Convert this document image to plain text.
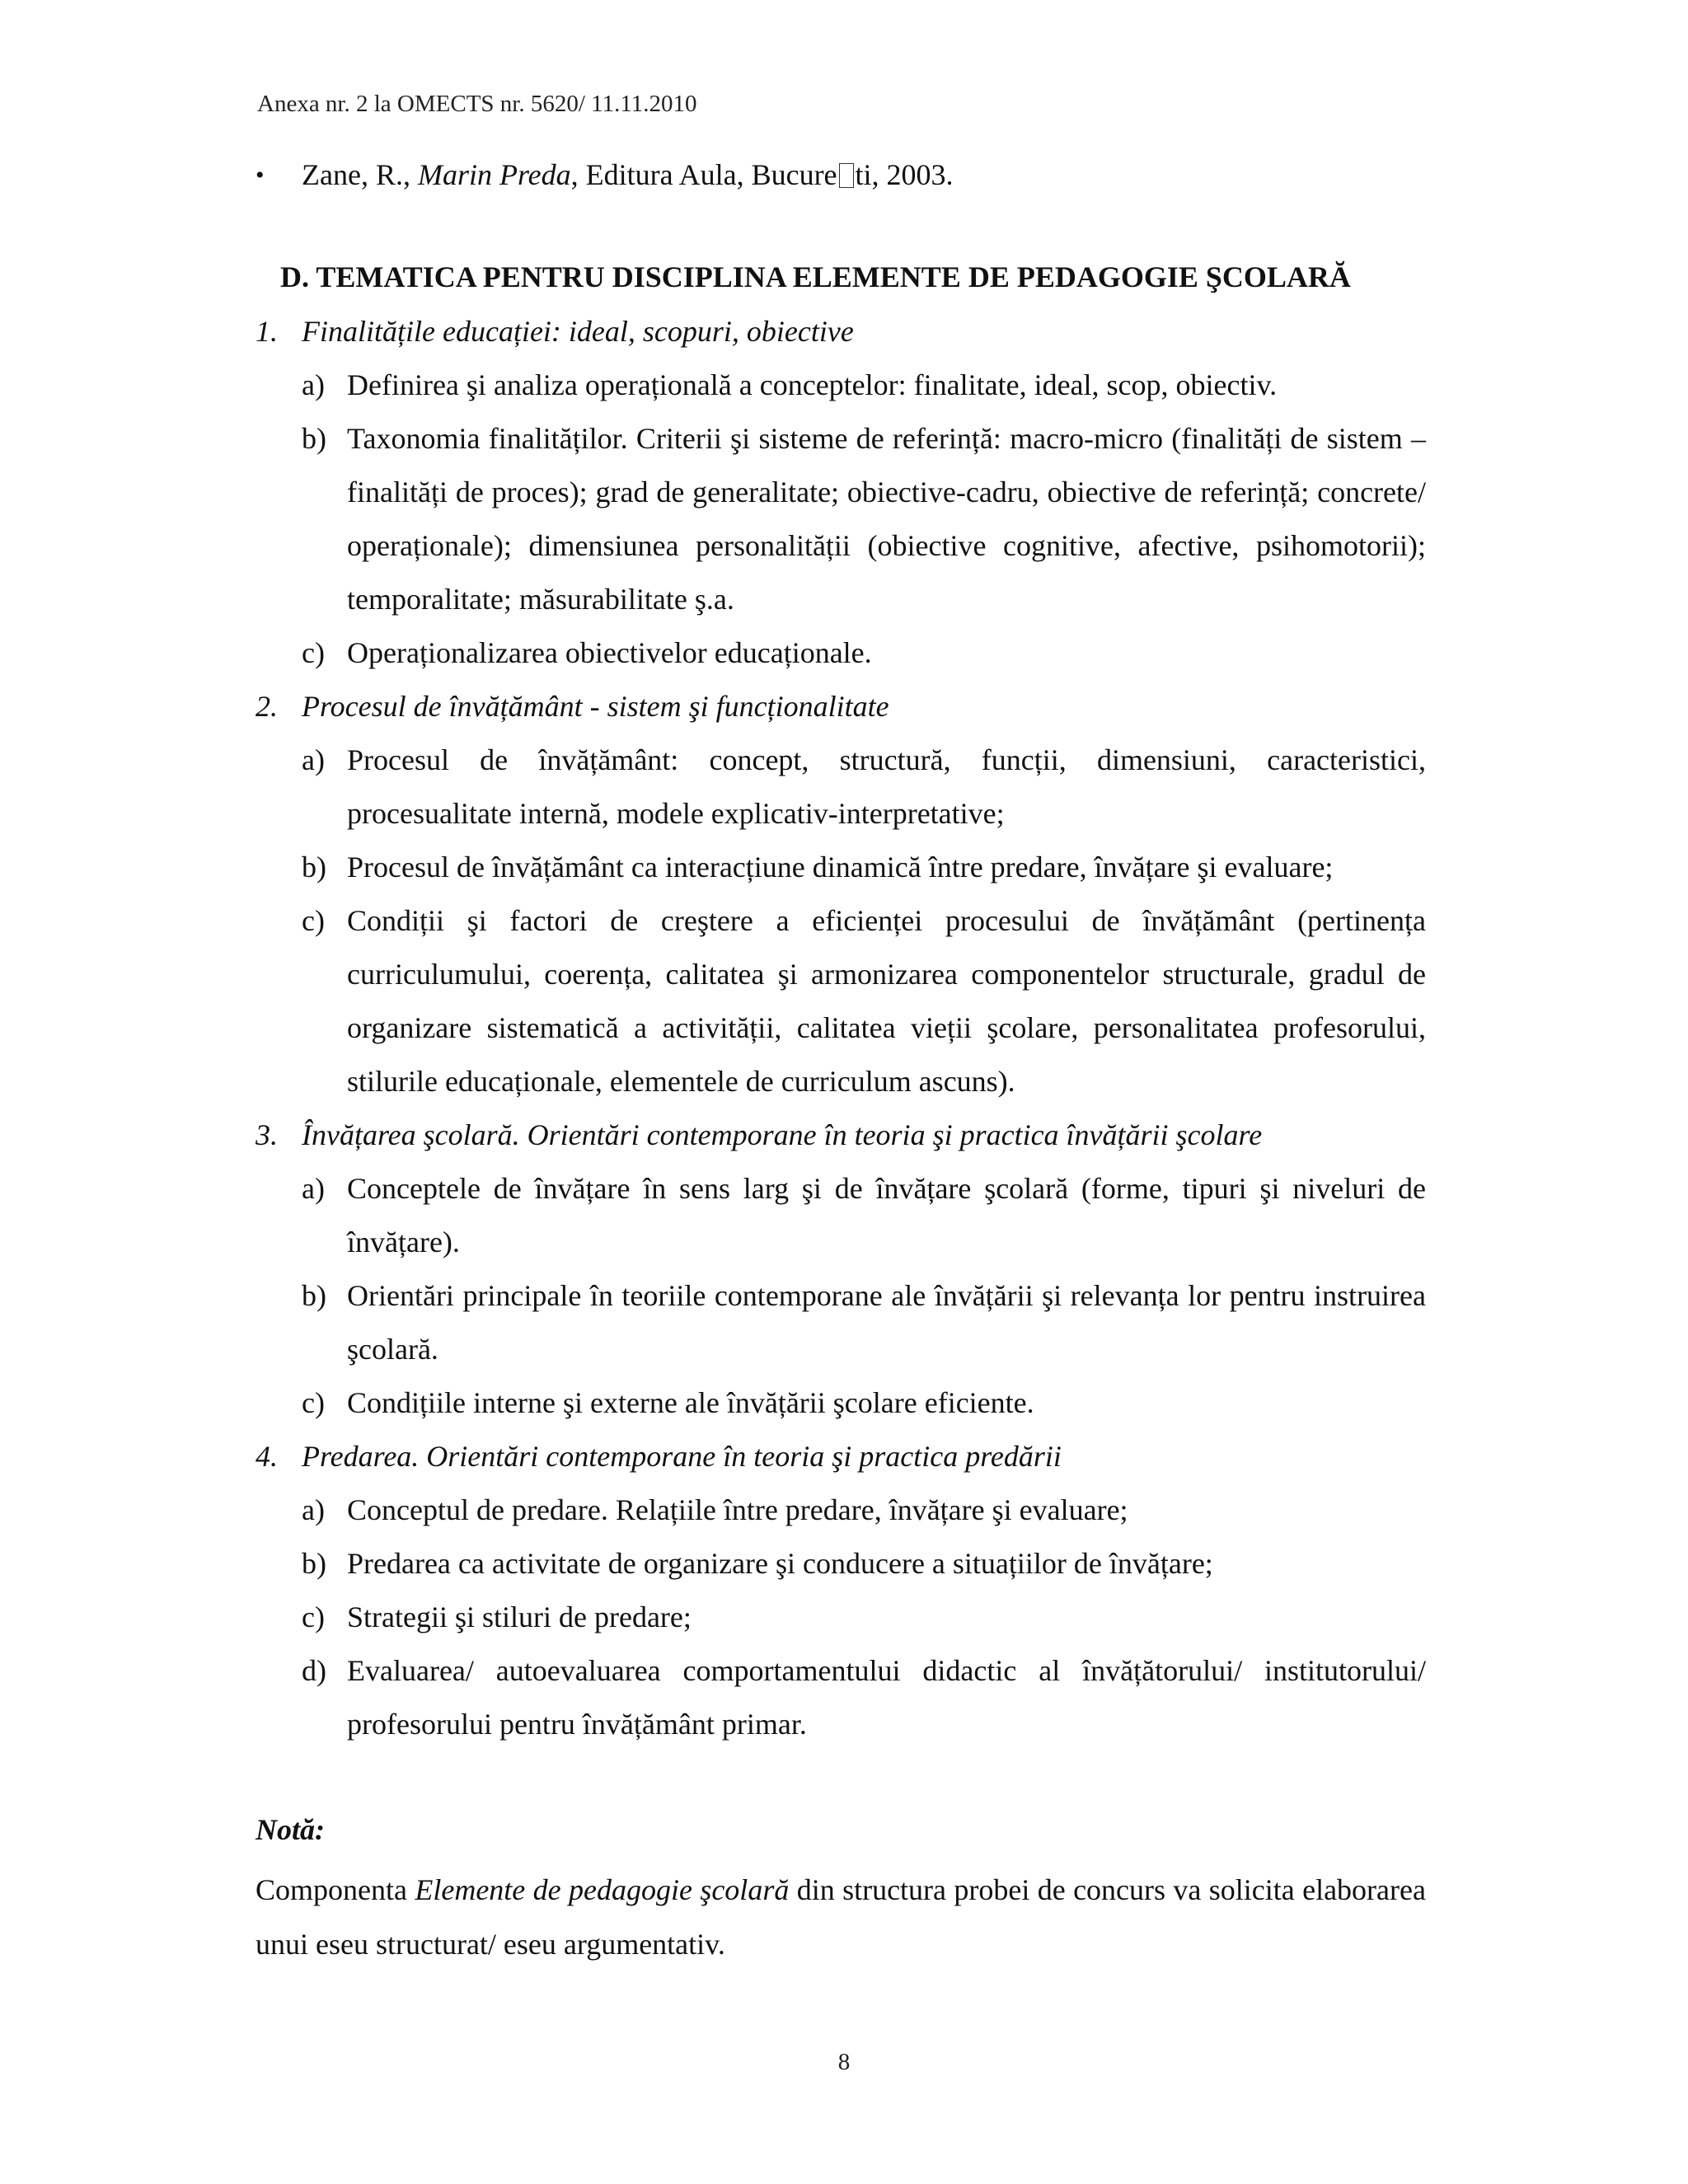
Anexa nr. 2 la OMECTS nr. 5620/ 11.11.2010
• Zane, R., Marin Preda, Editura Aula, Bucure ti, 2003.
D. TEMATICA PENTRU DISCIPLINA ELEMENTE DE PEDAGOGIE ŞCOLARĂ
1. Finalitățile educației: ideal, scopuri, obiective
a) Definirea şi analiza operațională a conceptelor: finalitate, ideal, scop, obiectiv.
b) Taxonomia finalităților. Criterii şi sisteme de referință: macro-micro (finalități de sistem – finalități de proces); grad de generalitate; obiective-cadru, obiective de referință; concrete/ operaționale); dimensiunea personalității (obiective cognitive, afective, psihomotorii); temporalitate; măsurabilitate ş.a.
c) Operaționalizarea obiectivelor educaționale.
2. Procesul de învățământ - sistem şi funcționalitate
a) Procesul de învățământ: concept, structură, funcții, dimensiuni, caracteristici, procesualitate internă, modele explicativ-interpretative;
b) Procesul de învățământ ca interacțiune dinamică între predare, învățare şi evaluare;
c) Condiții şi factori de creştere a eficienței procesului de învățământ (pertinența curriculumului, coerența, calitatea şi armonizarea componentelor structurale, gradul de organizare sistematică a activității, calitatea vieții şcolare, personalitatea profesorului, stilurile educaționale, elementele de curriculum ascuns).
3. Învățarea şcolară. Orientări contemporane în teoria şi practica învățării şcolare
a) Conceptele de învățare în sens larg şi de învățare şcolară (forme, tipuri şi niveluri de învățare).
b) Orientări principale în teoriile contemporane ale învățării şi relevanța lor pentru instruirea şcolară.
c) Condițiile interne şi externe ale învățării şcolare eficiente.
4. Predarea. Orientări contemporane în teoria şi practica predării
a) Conceptul de predare. Relațiile între predare, învățare şi evaluare;
b) Predarea ca activitate de organizare şi conducere a situațiilor de învățare;
c) Strategii şi stiluri de predare;
d) Evaluarea/ autoevaluarea comportamentului didactic al învățătorului/ institutorului/ profesorului pentru învățământ primar.
Notă:
Componenta Elemente de pedagogie şcolară din structura probei de concurs va solicita elaborarea unui eseu structurat/ eseu argumentativ.
8
